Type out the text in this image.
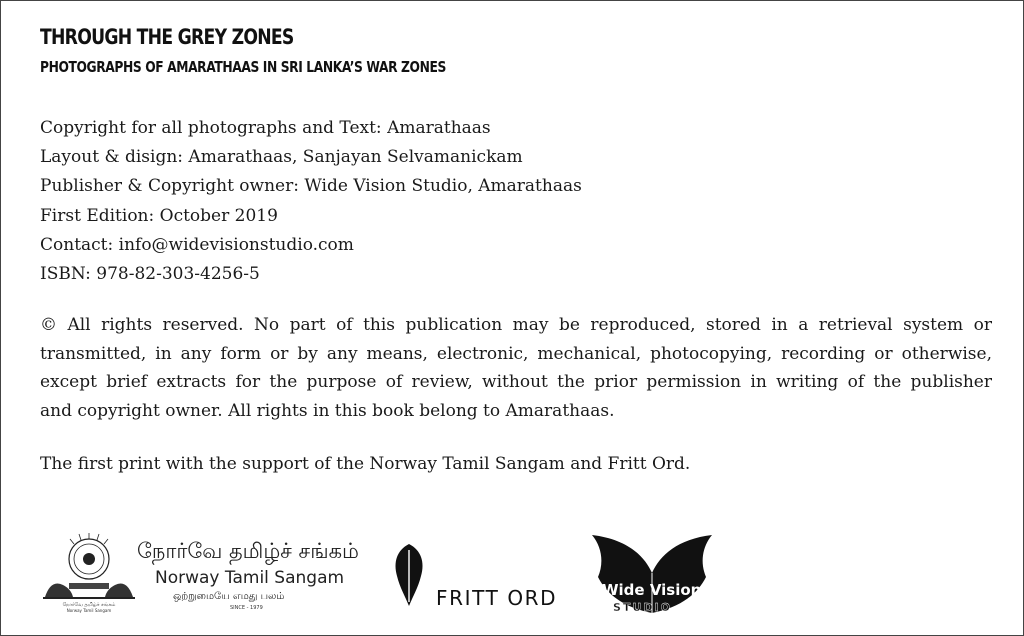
THROUGH THE GREY ZONES
PHOTOGRAPHS OF AMARATHAAS IN SRI LANKA’S WAR ZONES
Copyright for all photographs and Text: Amarathaas
Layout & disign: Amarathaas, Sanjayan Selvamanickam
Publisher & Copyright owner: Wide Vision Studio, Amarathaas
First Edition: October 2019
Contact: info@widevisionstudio.com
ISBN: 978-82-303-4256-5
© All rights reserved. No part of this publication may be reproduced, stored in a retrieval system or
transmitted, in any form or by any means, electronic, mechanical, photocopying, recording or otherwise,
except brief extracts for the purpose of review, without the prior permission in writing of the publisher
and copyright owner. All rights in this book belong to Amarathaas.
The first print with the support of the Norway Tamil Sangam and Fritt Ord.
நோர்வே தமிழ்ச் சங்கம்
Norway Tamil Sangam
நோர்வே தமிழ்ச் சங்கம்
Norway Tamil Sangam
ஒற்றுமையே எமது பலம்
SINCE - 1979	FRITT ORD	Wide Vision
STUDIO
